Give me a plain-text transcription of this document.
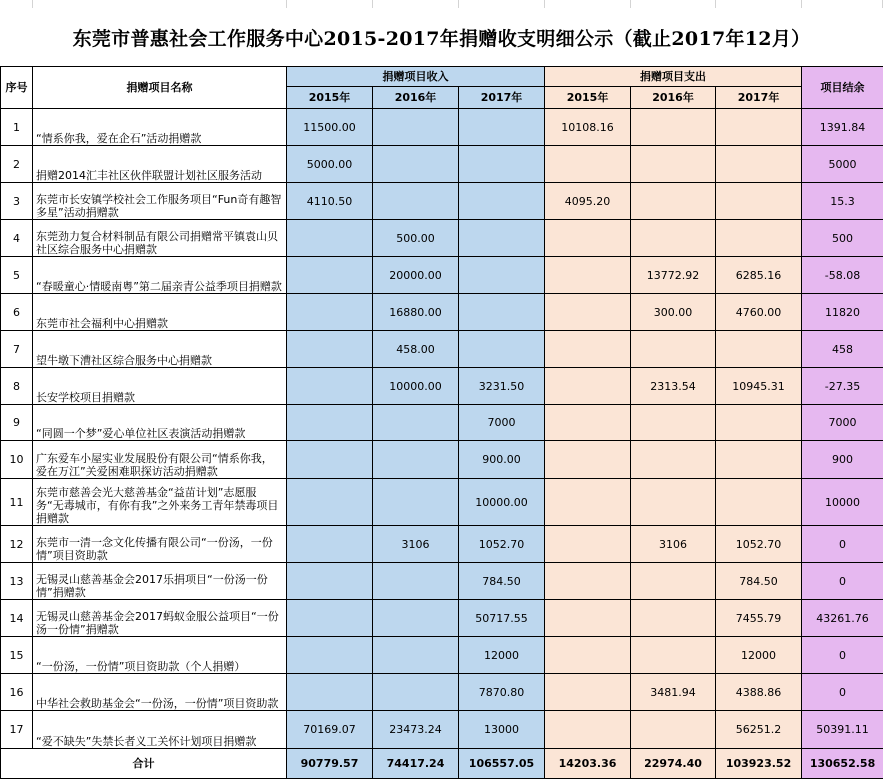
东莞市普惠社会工作服务中心2015-2017年捐赠收支明细公示（截止2017年12月）
序号	捐赠项目名称	捐赠项目收入			捐赠项目支出			项目结余
		2015年	2016年	2017年	2015年	2016年	2017年	
1	“情系你我，爱在企石”活动捐赠款	11500.00			10108.16			1391.84
2	捐赠2014汇丰社区伙伴联盟计划社区服务活动	5000.00						5000
3	东莞市长安镇学校社会工作服务项目“Fun奇有趣智多星”活动捐赠款	4110.50			4095.20			15.3
4	东莞劲力复合材料制品有限公司捐赠常平镇袁山贝社区综合服务中心捐赠款		500.00					500
5	“春暖童心·情暖南粤”第二届亲青公益季项目捐赠款		20000.00			13772.92	6285.16	-58.08
6	东莞市社会福利中心捐赠款		16880.00			300.00	4760.00	11820
7	望牛墩下漕社区综合服务中心捐赠款		458.00					458
8	长安学校项目捐赠款		10000.00	3231.50		2313.54	10945.31	-27.35
9	“同圆一个梦”爱心单位社区表演活动捐赠款			7000				7000
10	广东爱车小屋实业发展股份有限公司“情系你我，爱在万江”关爱困难职探访活动捐赠款			900.00				900
11	东莞市慈善会光大慈善基金“益苗计划”志愿服务“无毒城市，有你有我”之外来务工青年禁毒项目捐赠款			10000.00				10000
12	东莞市一清一念文化传播有限公司“一份汤，一份情”项目资助款		3106	1052.70		3106	1052.70	0
13	无锡灵山慈善基金会2017乐捐项目“一份汤一份情”捐赠款			784.50			784.50	0
14	无锡灵山慈善基金会2017蚂蚁金服公益项目“一份汤一份情”捐赠款			50717.55			7455.79	43261.76
15	“一份汤，一份情”项目资助款（个人捐赠）			12000			12000	0
16	中华社会救助基金会“一份汤，一份情”项目资助款			7870.80		3481.94	4388.86	0
17	“爱不缺失”失禁长者义工关怀计划项目捐赠款	70169.07	23473.24	13000			56251.2	50391.11
合计		90779.57	74417.24	106557.05	14203.36	22974.40	103923.52	130652.58
